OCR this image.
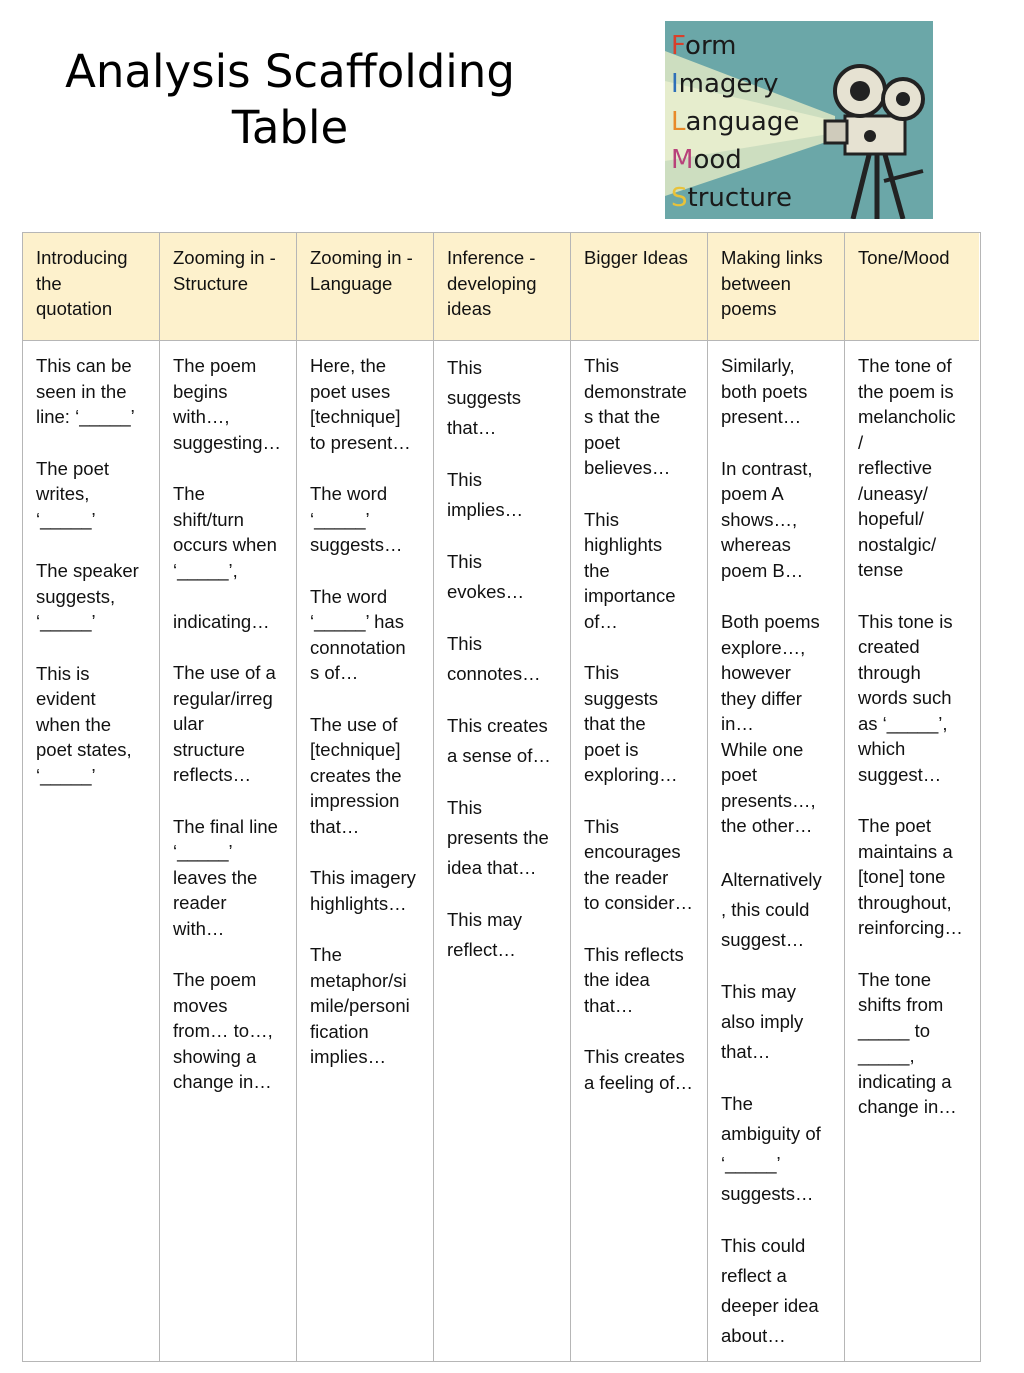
Analysis Scaffolding
Table
Form
Imagery
Language
Mood
Structure
Introducing
the
quotation

This can be
seen in the
line: ‘_____’

The poet
writes,
‘_____’

The speaker
suggests,
‘_____’

This is
evident
when the
poet states,
‘_____’

Zooming in -
Structure

The poem
begins
with…,
suggesting…

The
shift/turn
occurs when
‘_____’,

indicating…

The use of a
regular/irreg
ular
structure
reflects…

The final line
‘_____’
leaves the
reader
with…

The poem
moves
from… to…,
showing a
change in…

Zooming in -
Language

Here, the
poet uses
[technique]
to present…

The word
‘_____’
suggests…

The word
‘_____’ has
connotation
s of…

The use of
[technique]
creates the
impression
that…

This imagery
highlights…

The
metaphor/si
mile/personi
fication
implies…

Inference -
developing
ideas

This
suggests
that…

This
implies…

This
evokes…

This
connotes…

This creates
a sense of…

This
presents the
idea that…

This may
reflect…

Bigger Ideas

This
demonstrate
s that the
poet
believes…

This
highlights
the
importance
of…

This
suggests
that the
poet is
exploring…

This
encourages
the reader
to consider…

This reflects
the idea
that…

This creates
a feeling of…

Making links
between
poems

Similarly,
both poets
present…

In contrast,
poem A
shows…,
whereas
poem B…

Both poems
explore…,
however
they differ
in…
While one
poet
presents…,
the other…

Alternatively
, this could
suggest…

This may
also imply
that…

The
ambiguity of
‘_____’
suggests…

This could
reflect a
deeper idea
about…

Tone/Mood

The tone of
the poem is
melancholic
/
reflective
/uneasy/
hopeful/
nostalgic/
tense

This tone is
created
through
words such
as ‘_____’,
which
suggest…

The poet
maintains a
[tone] tone
throughout,
reinforcing…

The tone
shifts from
_____ to
_____,
indicating a
change in…
